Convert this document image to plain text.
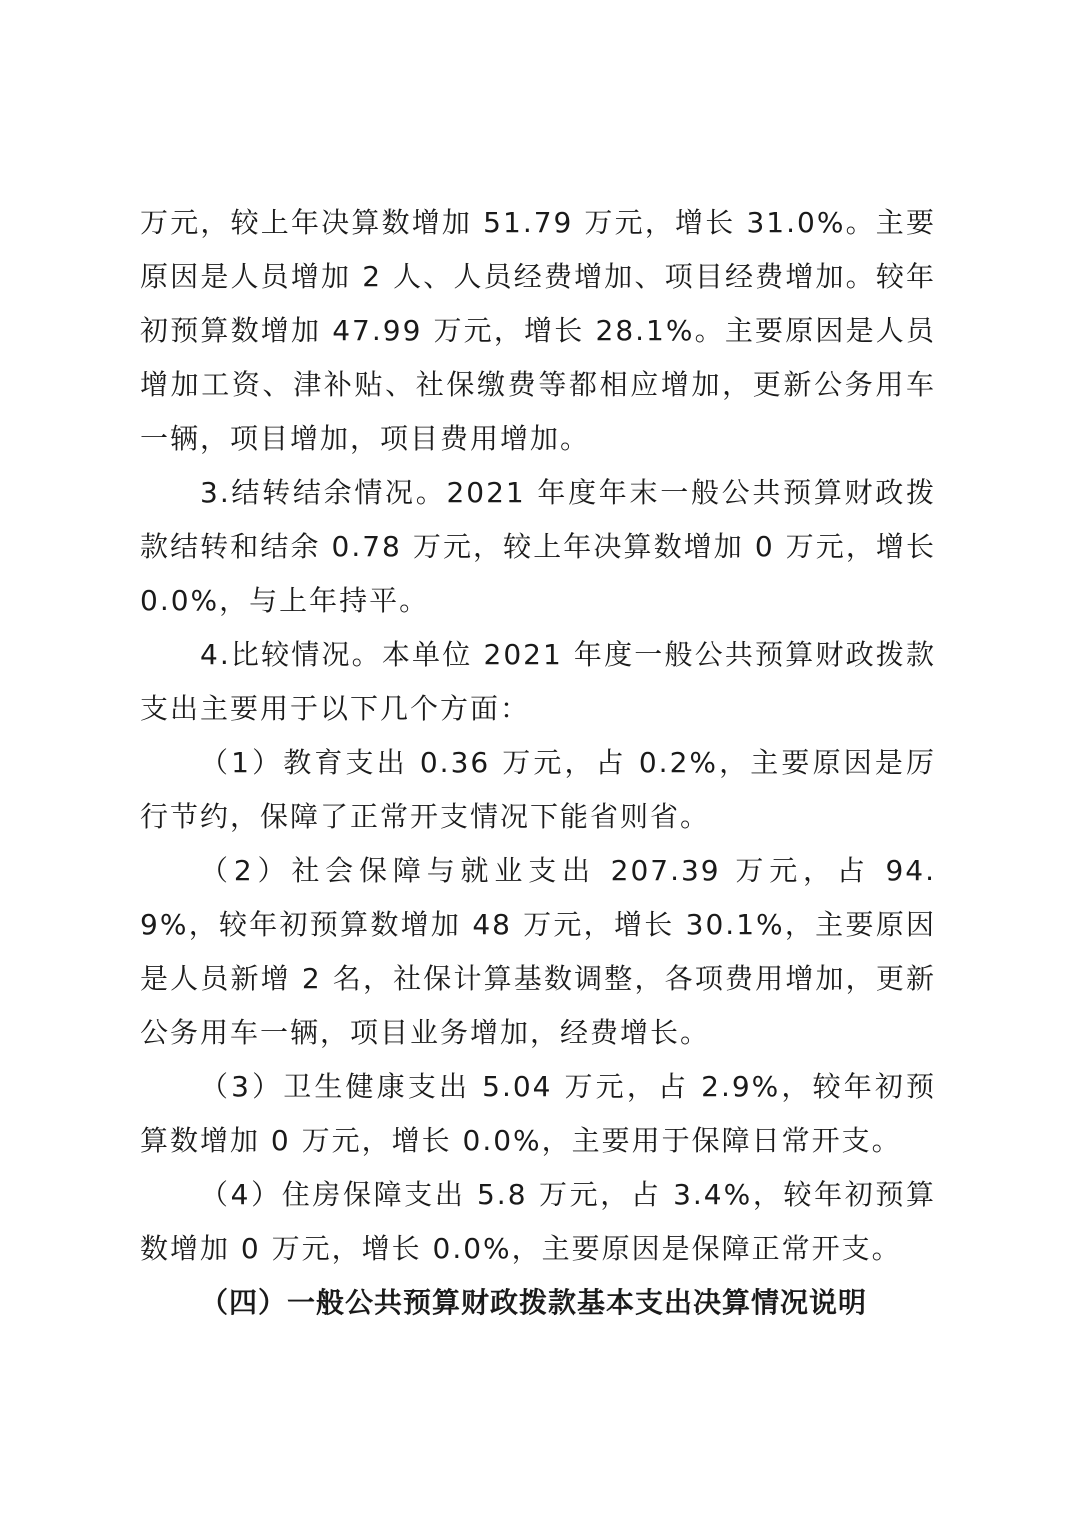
万元，较上年决算数增加 51.79 万元，增长 31.0%。主要原因是人员增加 2 人、人员经费增加、项目经费增加。较年初预算数增加 47.99 万元，增长 28.1%。主要原因是人员增加工资、津补贴、社保缴费等都相应增加，更新公务用车一辆，项目增加，项目费用增加。

3.结转结余情况。2021 年度年末一般公共预算财政拨款结转和结余 0.78 万元，较上年决算数增加 0 万元，增长 0.0%，与上年持平。

4.比较情况。本单位 2021 年度一般公共预算财政拨款支出主要用于以下几个方面：

（1）教育支出 0.36 万元，占 0.2%，主要原因是厉行节约，保障了正常开支情况下能省则省。

（2）社会保障与就业支出 207.39 万元，占 94.9%，较年初预算数增加 48 万元，增长 30.1%，主要原因是人员新增 2 名，社保计算基数调整，各项费用增加，更新公务用车一辆，项目业务增加，经费增长。

（3）卫生健康支出 5.04 万元，占 2.9%，较年初预算数增加 0 万元，增长 0.0%，主要用于保障日常开支。

（4）住房保障支出 5.8 万元，占 3.4%，较年初预算数增加 0 万元，增长 0.0%，主要原因是保障正常开支。

（四）一般公共预算财政拨款基本支出决算情况说明
